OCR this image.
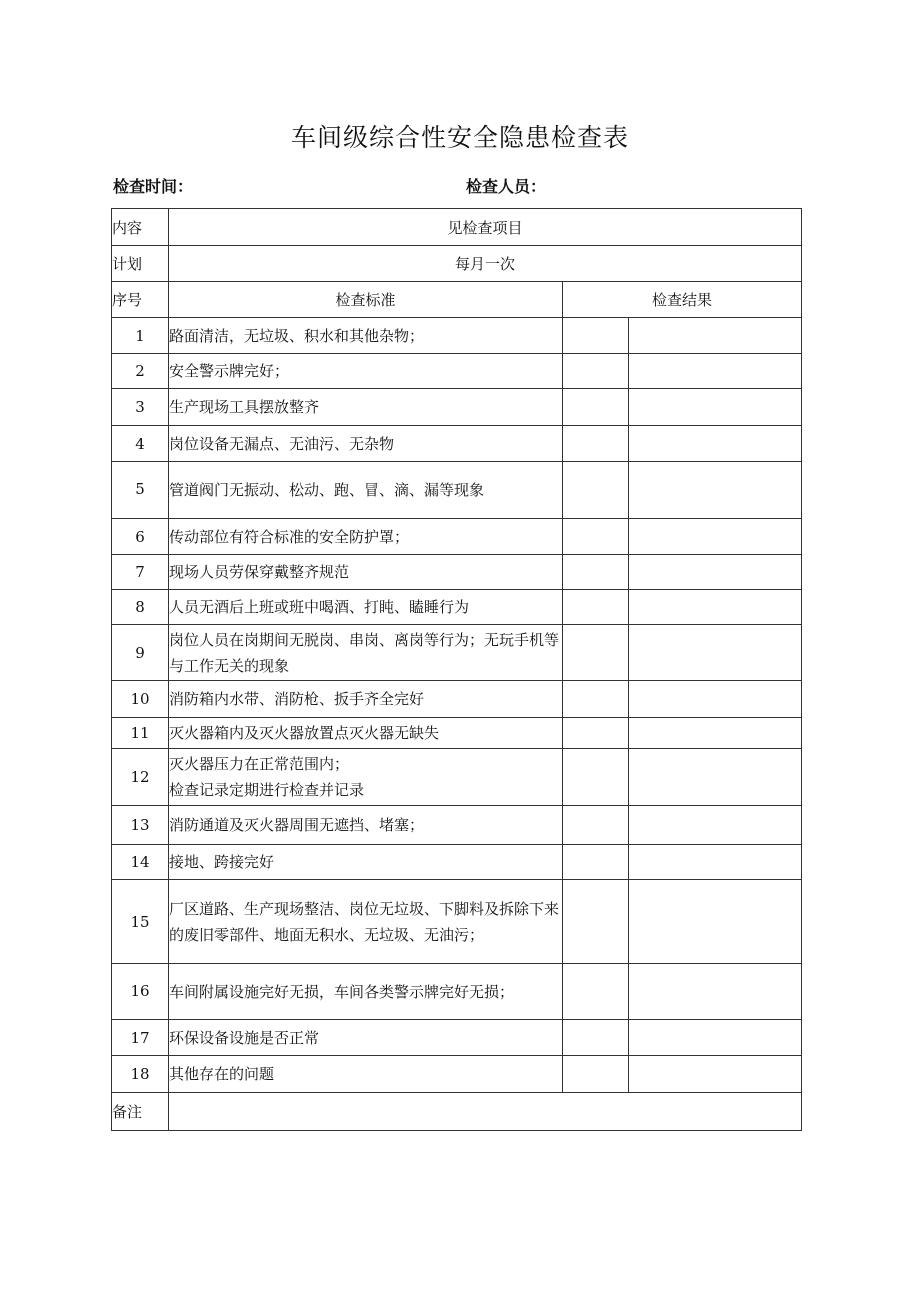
车间级综合性安全隐患检查表
检查时间：	检查人员：
内容	见检查项目		
计划	每月一次		
序号	检查标准	检查结果	
1	路面清洁，无垃圾、积水和其他杂物；		
2	安全警示牌完好；		
3	生产现场工具摆放整齐		
4	岗位设备无漏点、无油污、无杂物		
5	管道阀门无振动、松动、跑、冒、滴、漏等现象		
6	传动部位有符合标准的安全防护罩；		
7	现场人员劳保穿戴整齐规范		
8	人员无酒后上班或班中喝酒、打盹、瞌睡行为		
9	岗位人员在岗期间无脱岗、串岗、离岗等行为；无玩手机等与工作无关的现象		
10	消防箱内水带、消防枪、扳手齐全完好		
11	灭火器箱内及灭火器放置点灭火器无缺失		
12	灭火器压力在正常范围内；
检查记录定期进行检查并记录		

13	消防通道及灭火器周围无遮挡、堵塞；		
14	接地、跨接完好		
15	厂区道路、生产现场整洁、岗位无垃圾、下脚料及拆除下来的废旧零部件、地面无积水、无垃圾、无油污；		
16	车间附属设施完好无损，车间各类警示牌完好无损；		
17	环保设备设施是否正常		
18	其他存在的问题		
备注			
